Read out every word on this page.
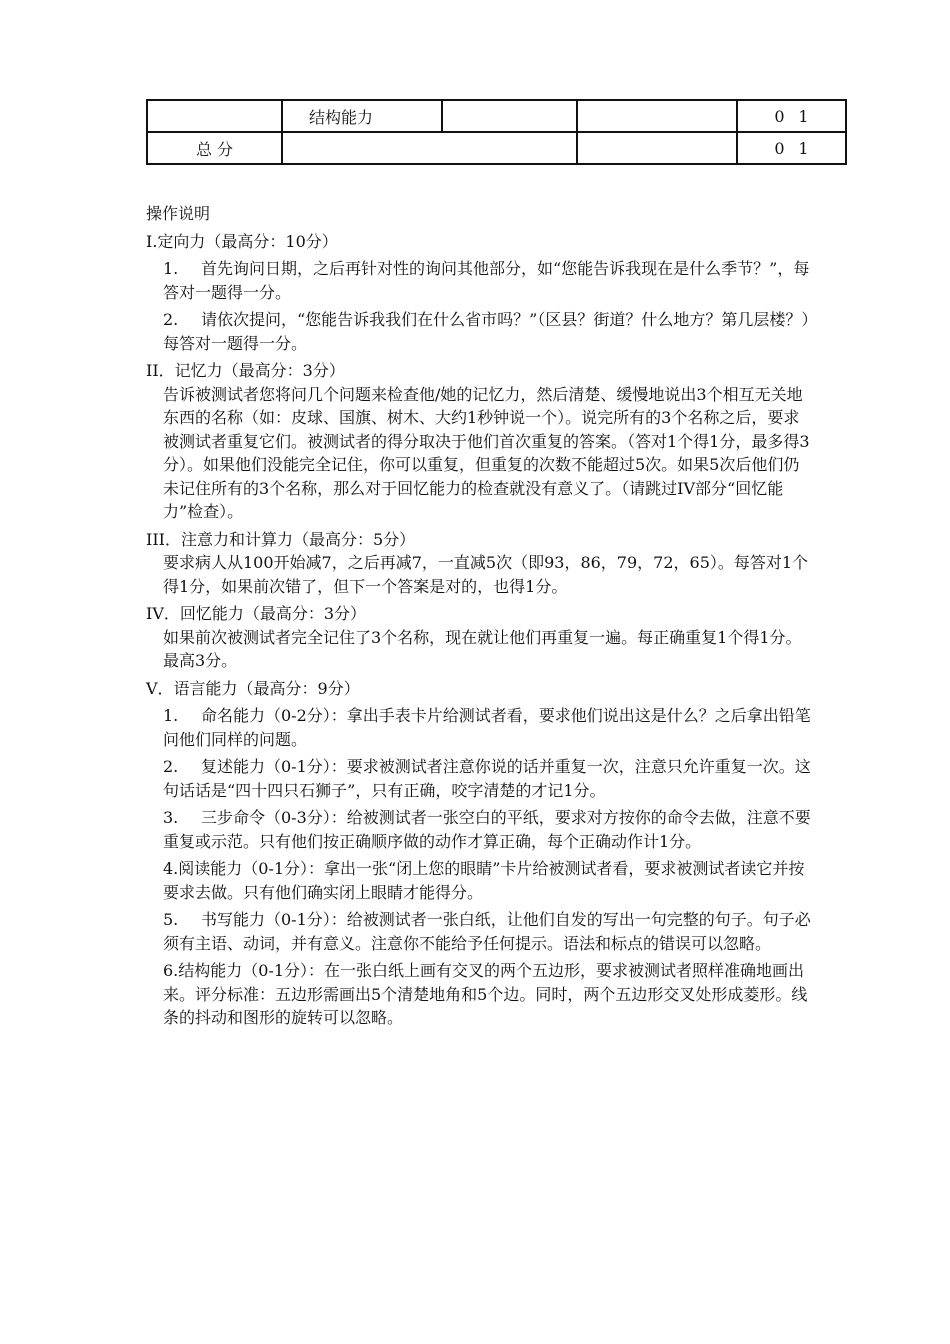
	结构能力			0 1
总 分				0 1

操作说明

I.定向力（最高分：10分）

1. 首先询问日期，之后再针对性的询问其他部分，如“您能告诉我现在是什么季节？”，每答对一题得一分。

2. 请依次提问，“您能告诉我我们在什么省市吗？”（区县？街道？什么地方？第几层楼？）每答对一题得一分。

II．记忆力（最高分：3分）

告诉被测试者您将问几个问题来检查他/她的记忆力，然后清楚、缓慢地说出3个相互无关地东西的名称（如：皮球、国旗、树木、大约1秒钟说一个）。说完所有的3个名称之后，要求被测试者重复它们。被测试者的得分取决于他们首次重复的答案。（答对1个得1分，最多得3分）。如果他们没能完全记住，你可以重复，但重复的次数不能超过5次。如果5次后他们仍未记住所有的3个名称，那么对于回忆能力的检查就没有意义了。（请跳过IV部分“回忆能力”检查）。

III．注意力和计算力（最高分：5分）

要求病人从100开始减7，之后再减7，一直减5次（即93，86，79，72，65）。每答对1个得1分，如果前次错了，但下一个答案是对的，也得1分。

IV．回忆能力（最高分：3分）

如果前次被测试者完全记住了3个名称，现在就让他们再重复一遍。每正确重复1个得1分。最高3分。

V．语言能力（最高分：9分）

1. 命名能力（0-2分）：拿出手表卡片给测试者看，要求他们说出这是什么？之后拿出铅笔问他们同样的问题。

2. 复述能力（0-1分）：要求被测试者注意你说的话并重复一次，注意只允许重复一次。这句话话是“四十四只石狮子”，只有正确，咬字清楚的才记1分。

3. 三步命令（0-3分）：给被测试者一张空白的平纸，要求对方按你的命令去做，注意不要重复或示范。只有他们按正确顺序做的动作才算正确，每个正确动作计1分。

4.阅读能力（0-1分）：拿出一张“闭上您的眼睛”卡片给被测试者看，要求被测试者读它并按要求去做。只有他们确实闭上眼睛才能得分。

5. 书写能力（0-1分）：给被测试者一张白纸，让他们自发的写出一句完整的句子。句子必须有主语、动词，并有意义。注意你不能给予任何提示。语法和标点的错误可以忽略。

6.结构能力（0-1分）：在一张白纸上画有交叉的两个五边形，要求被测试者照样准确地画出来。评分标准：五边形需画出5个清楚地角和5个边。同时，两个五边形交叉处形成菱形。线条的抖动和图形的旋转可以忽略。
